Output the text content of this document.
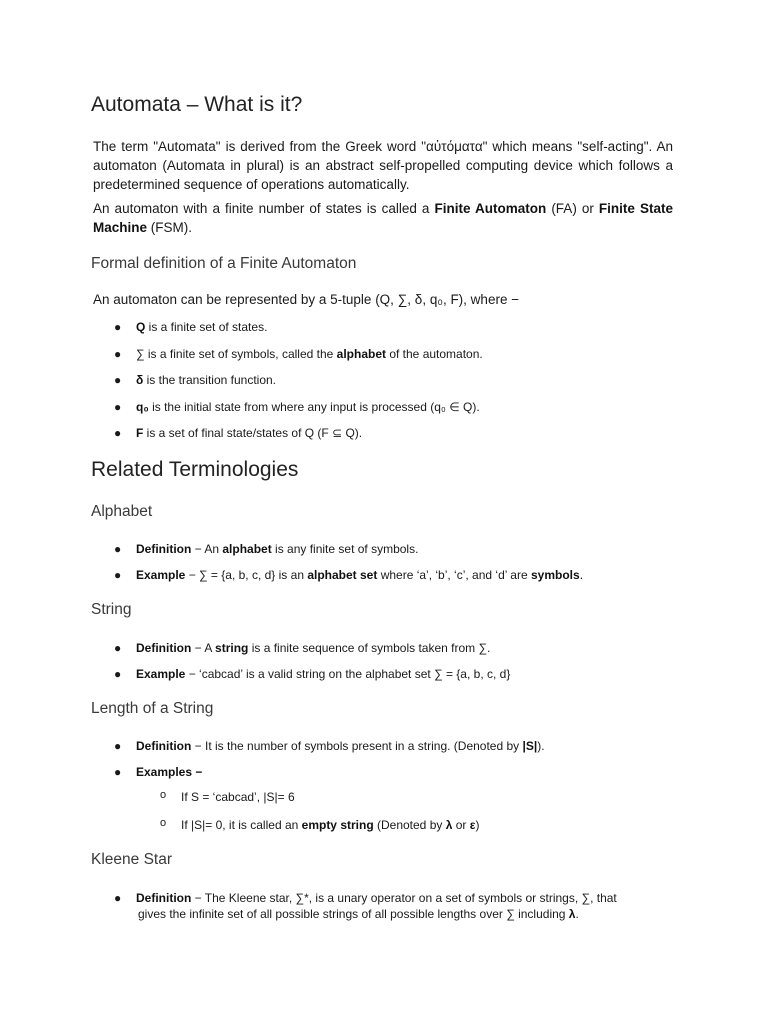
Automata – What is it?

The term "Automata" is derived from the Greek word "αὐτόματα" which means "self-acting". An automaton (Automata in plural) is an abstract self-propelled computing device which follows a predetermined sequence of operations automatically.

An automaton with a finite number of states is called a Finite Automaton (FA) or Finite State Machine (FSM).

Formal definition of a Finite Automaton

An automaton can be represented by a 5-tuple (Q, ∑, δ, q₀, F), where −

● Q is a finite set of states.
● ∑ is a finite set of symbols, called the alphabet of the automaton.
● δ is the transition function.
● q₀ is the initial state from where any input is processed (q₀ ∈ Q).
● F is a set of final state/states of Q (F ⊆ Q).
Related Terminologies
Alphabet
● Definition − An alphabet is any finite set of symbols.
● Example − ∑ = {a, b, c, d} is an alphabet set where ‘a’, ‘b’, ‘c’, and ‘d’ are symbols.
String
● Definition − A string is a finite sequence of symbols taken from ∑.
● Example − ‘cabcad’ is a valid string on the alphabet set ∑ = {a, b, c, d}
Length of a String
● Definition − It is the number of symbols present in a string. (Denoted by |S|).
● Examples −
o If S = ‘cabcad’, |S|= 6
o If |S|= 0, it is called an empty string (Denoted by λ or ε)
Kleene Star
● Definition − The Kleene star, ∑*, is a unary operator on a set of symbols or strings, ∑, that
gives the infinite set of all possible strings of all possible lengths over ∑ including λ.
